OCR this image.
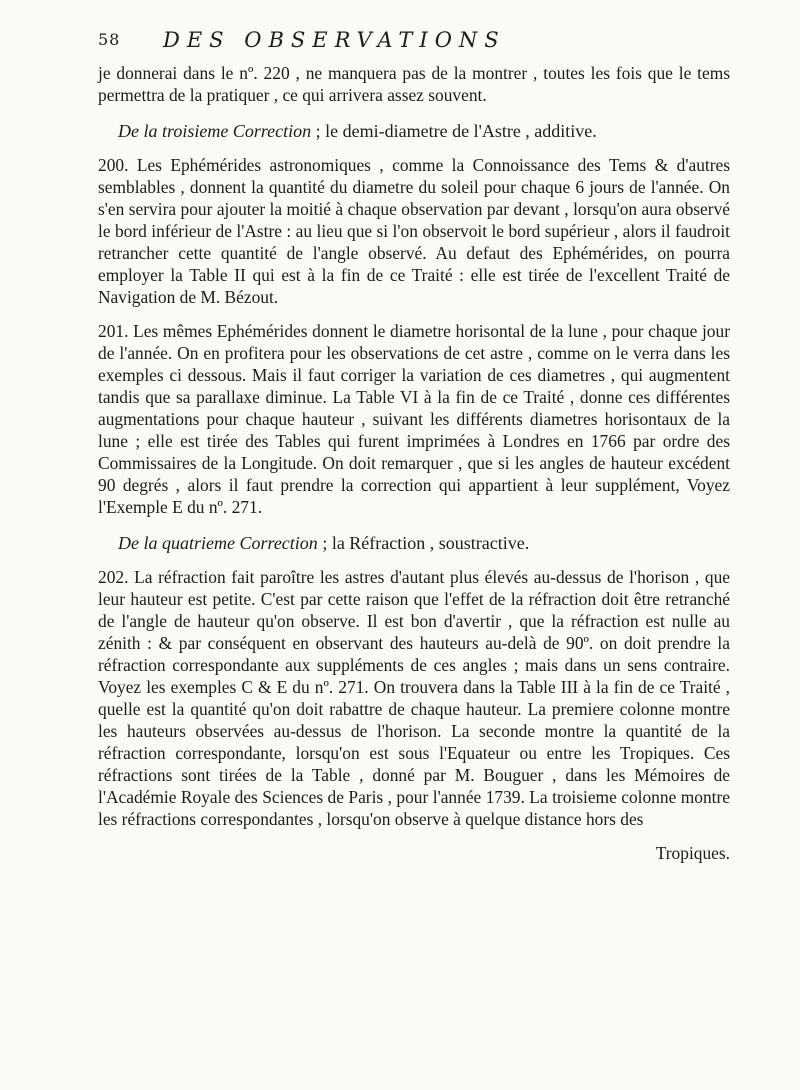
58 DES OBSERVATIONS

je donnerai dans le nº. 220 , ne manquera pas de la montrer , toutes les fois que le tems permettra de la pratiquer , ce qui arrivera assez souvent.

De la troisieme Correction ; le demi-diametre de l'Astre , additive.

200. Les Ephémérides astronomiques , comme la Connoissance des Tems & d'autres semblables , donnent la quantité du diametre du soleil pour chaque 6 jours de l'année. On s'en servira pour ajouter la moitié à chaque observation par devant , lorsqu'on aura observé le bord inférieur de l'Astre : au lieu que si l'on observoit le bord supérieur , alors il faudroit retrancher cette quantité de l'angle observé. Au defaut des Ephémérides, on pourra employer la Table II qui est à la fin de ce Traité : elle est tirée de l'excellent Traité de Navigation de M. Bézout.

201. Les mêmes Ephémérides donnent le diametre horisontal de la lune , pour chaque jour de l'année. On en profitera pour les observations de cet astre , comme on le verra dans les exemples ci dessous. Mais il faut corriger la variation de ces diametres , qui augmentent tandis que sa parallaxe diminue. La Table VI à la fin de ce Traité , donne ces différentes augmentations pour chaque hauteur , suivant les différents diametres horisontaux de la lune ; elle est tirée des Tables qui furent imprimées à Londres en 1766 par ordre des Commissaires de la Longitude. On doit remarquer , que si les angles de hauteur excédent 90 degrés , alors il faut prendre la correction qui appartient à leur supplément, Voyez l'Exemple E du nº. 271.

De la quatrieme Correction ; la Réfraction , soustractive.

202. La réfraction fait paroître les astres d'autant plus élevés au-dessus de l'horison , que leur hauteur est petite. C'est par cette raison que l'effet de la réfraction doit être retranché de l'angle de hauteur qu'on observe. Il est bon d'avertir , que la réfraction est nulle au zénith : & par conséquent en observant des hauteurs au-delà de 90º. on doit prendre la réfraction correspondante aux suppléments de ces angles ; mais dans un sens contraire. Voyez les exemples C & E du nº. 271. On trouvera dans la Table III à la fin de ce Traité , quelle est la quantité qu'on doit rabattre de chaque hauteur. La premiere colonne montre les hauteurs observées au-dessus de l'horison. La seconde montre la quantité de la réfraction correspondante, lorsqu'on est sous l'Equateur ou entre les Tropiques. Ces réfractions sont tirées de la Table , donné par M. Bouguer , dans les Mémoires de l'Académie Royale des Sciences de Paris , pour l'année 1739. La troisieme colonne montre les réfractions correspondantes , lorsqu'on observe à quelque distance hors des

Tropiques.
